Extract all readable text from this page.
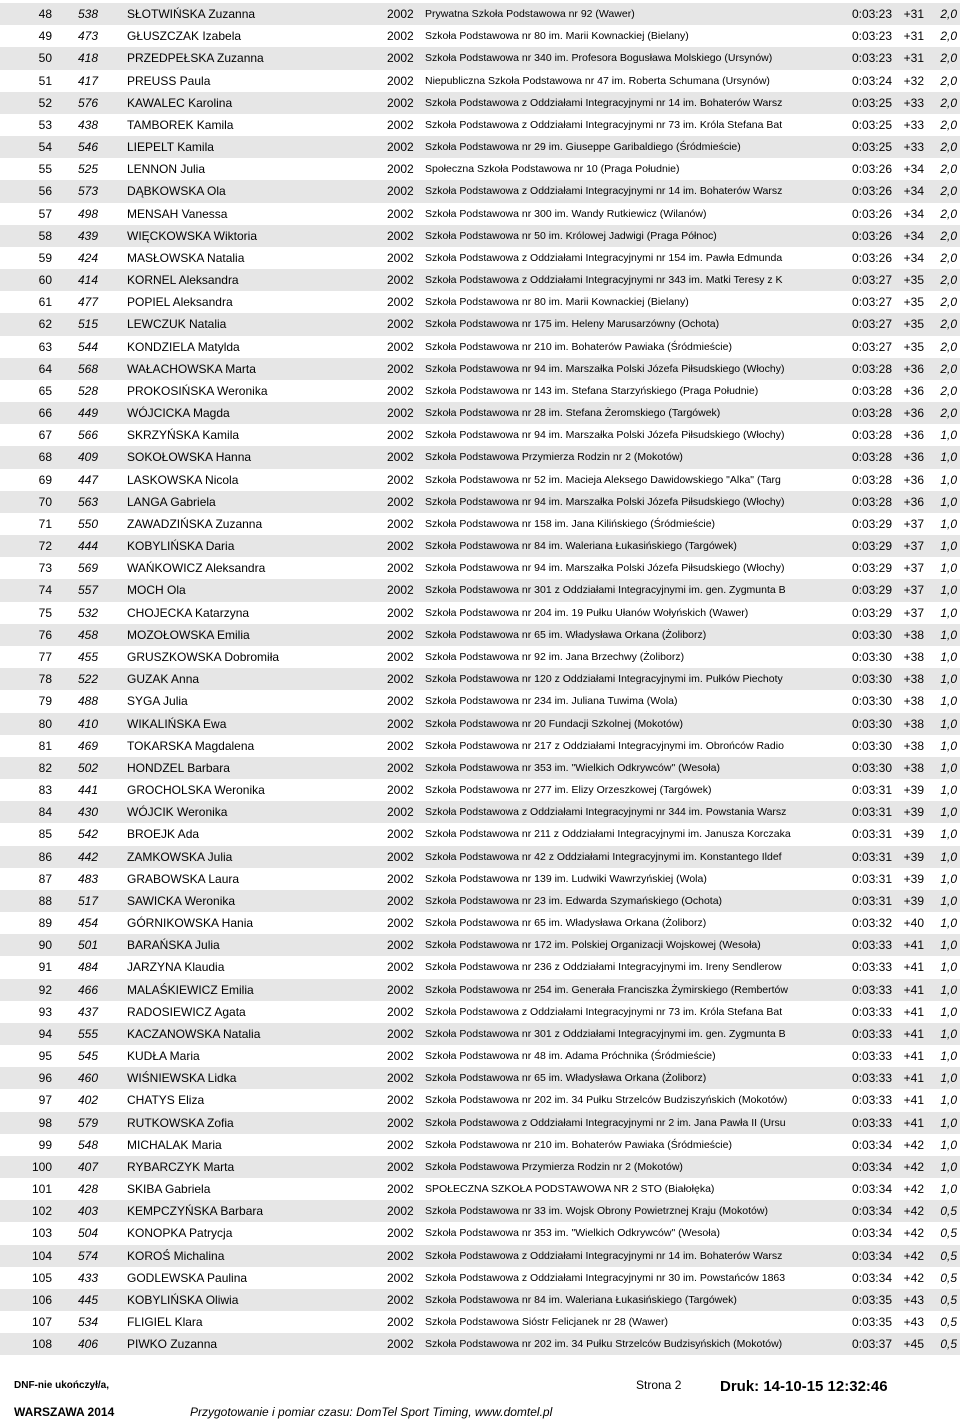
48 538	SŁOTWIŃSKA Zuzanna	2002	Prywatna Szkoła Podstawowa nr 92 (Wawer)	0:03:23 +31	2,0
49 473	GŁUSZCZAK Izabela	2002	Szkoła Podstawowa nr 80 im. Marii Kownackiej (Bielany)	0:03:23 +31	2,0
50 418	PRZEDPEŁSKA Zuzanna	2002	Szkoła Podstawowa nr 340 im. Profesora Bogusława Molskiego (Ursynów)	0:03:23 +31	2,0
51 417	PREUSS Paula	2002	Niepubliczna Szkoła Podstawowa nr 47 im. Roberta Schumana (Ursynów)	0:03:24 +32	2,0
52 576	KAWALEC Karolina	2002	Szkoła Podstawowa z Oddziałami Integracyjnymi nr 14 im. Bohaterów Warsz	0:03:25 +33	2,0
53 438	TAMBOREK Kamila	2002	Szkoła Podstawowa z Oddziałami Integracyjnymi nr 73 im. Króla Stefana Bat	0:03:25 +33	2,0
54 546	LIEPELT Kamila	2002	Szkoła Podstawowa nr 29 im. Giuseppe Garibaldiego (Śródmieście)	0:03:25 +33	2,0
55 525	LENNON Julia	2002	Społeczna Szkoła Podstawowa nr 10 (Praga Południe)	0:03:26 +34	2,0
56 573	DĄBKOWSKA Ola	2002	Szkoła Podstawowa z Oddziałami Integracyjnymi nr 14 im. Bohaterów Warsz	0:03:26 +34	2,0
57 498	MENSAH Vanessa	2002	Szkoła Podstawowa nr 300 im. Wandy Rutkiewicz (Wilanów)	0:03:26 +34	2,0
58 439	WIĘCKOWSKA Wiktoria	2002	Szkoła Podstawowa nr 50 im. Królowej Jadwigi (Praga Północ)	0:03:26 +34	2,0
59 424	MASŁOWSKA Natalia	2002	Szkoła Podstawowa z Oddziałami Integracyjnymi nr 154 im. Pawła Edmunda	0:03:26 +34	2,0
60 414	KORNEL Aleksandra	2002	Szkoła Podstawowa z Oddziałami Integracyjnymi nr 343 im. Matki Teresy z K	0:03:27 +35	2,0
61 477	POPIEL Aleksandra	2002	Szkoła Podstawowa nr 80 im. Marii Kownackiej (Bielany)	0:03:27 +35	2,0
62 515	LEWCZUK Natalia	2002	Szkoła Podstawowa nr 175 im. Heleny Marusarzówny (Ochota)	0:03:27 +35	2,0
63 544	KONDZIELA Matylda	2002	Szkoła Podstawowa nr 210 im. Bohaterów Pawiaka (Śródmieście)	0:03:27 +35	2,0
64 568	WAŁACHOWSKA Marta	2002	Szkoła Podstawowa nr 94 im. Marszałka Polski Józefa Piłsudskiego (Włochy)	0:03:28 +36	2,0
65 528	PROKOSIŃSKA Weronika	2002	Szkoła Podstawowa nr 143 im. Stefana Starzyńskiego (Praga Południe)	0:03:28 +36	2,0
66 449	WÓJCICKA Magda	2002	Szkoła Podstawowa nr 28 im. Stefana Żeromskiego (Targówek)	0:03:28 +36	2,0
67 566	SKRZYŃSKA Kamila	2002	Szkoła Podstawowa nr 94 im. Marszałka Polski Józefa Piłsudskiego (Włochy)	0:03:28 +36	1,0
68 409	SOKOŁOWSKA Hanna	2002	Szkoła Podstawowa Przymierza Rodzin nr 2 (Mokotów)	0:03:28 +36	1,0
69 447	LASKOWSKA Nicola	2002	Szkoła Podstawowa nr 52 im. Macieja Aleksego Dawidowskiego "Alka" (Targ	0:03:28 +36	1,0
70 563	LANGA Gabriela	2002	Szkoła Podstawowa nr 94 im. Marszałka Polski Józefa Piłsudskiego (Włochy)	0:03:28 +36	1,0
71 550	ZAWADZIŃSKA Zuzanna	2002	Szkoła Podstawowa nr 158 im. Jana Kilińskiego (Śródmieście)	0:03:29 +37	1,0
72 444	KOBYLIŃSKA Daria	2002	Szkoła Podstawowa nr 84 im. Waleriana Łukasińskiego (Targówek)	0:03:29 +37	1,0
73 569	WAŃKOWICZ Aleksandra	2002	Szkoła Podstawowa nr 94 im. Marszałka Polski Józefa Piłsudskiego (Włochy)	0:03:29 +37	1,0
74 557	MOCH Ola	2002	Szkoła Podstawowa nr 301 z Oddziałami Integracyjnymi im. gen. Zygmunta B	0:03:29 +37	1,0
75 532	CHOJECKA Katarzyna	2002	Szkoła Podstawowa nr 204 im. 19 Pułku Ułanów Wołyńskich (Wawer)	0:03:29 +37	1,0
76 458	MOZOŁOWSKA Emilia	2002	Szkoła Podstawowa nr 65 im. Władysława Orkana (Żoliborz)	0:03:30 +38	1,0
77 455	GRUSZKOWSKA Dobromiła	2002	Szkoła Podstawowa nr 92 im. Jana Brzechwy (Żoliborz)	0:03:30 +38	1,0
78 522	GUZAK Anna	2002	Szkoła Podstawowa nr 120 z Oddziałami Integracyjnymi im. Pułków Piechoty	0:03:30 +38	1,0
79 488	SYGA Julia	2002	Szkoła Podstawowa nr 234 im. Juliana Tuwima (Wola)	0:03:30 +38	1,0
80 410	WIKALIŃSKA Ewa	2002	Szkoła Podstawowa nr 20 Fundacji Szkolnej (Mokotów)	0:03:30 +38	1,0
81 469	TOKARSKA Magdalena	2002	Szkoła Podstawowa nr 217 z Oddziałami Integracyjnymi im. Obrońców Radio	0:03:30 +38	1,0
82 502	HONDZEL Barbara	2002	Szkoła Podstawowa nr 353 im. "Wielkich Odkrywców" (Wesoła)	0:03:30 +38	1,0
83 441	GROCHOLSKA Weronika	2002	Szkoła Podstawowa nr 277 im. Elizy Orzeszkowej (Targówek)	0:03:31 +39	1,0
84 430	WÓJCIK Weronika	2002	Szkoła Podstawowa z Oddziałami Integracyjnymi nr 344 im. Powstania Warsz	0:03:31 +39	1,0
85 542	BROEJK Ada	2002	Szkoła Podstawowa nr 211 z Oddziałami Integracyjnymi im. Janusza Korczaka	0:03:31 +39	1,0
86 442	ZAMKOWSKA Julia	2002	Szkoła Podstawowa nr 42 z Oddziałami Integracyjnymi im. Konstantego Ildef	0:03:31 +39	1,0
87 483	GRABOWSKA Laura	2002	Szkoła Podstawowa nr 139 im. Ludwiki Wawrzyńskiej (Wola)	0:03:31 +39	1,0
88 517	SAWICKA Weronika	2002	Szkoła Podstawowa nr 23 im. Edwarda Szymańskiego (Ochota)	0:03:31 +39	1,0
89 454	GÓRNIKOWSKA Hania	2002	Szkoła Podstawowa nr 65 im. Władysława Orkana (Żoliborz)	0:03:32 +40	1,0
90 501	BARAŃSKA Julia	2002	Szkoła Podstawowa nr 172 im. Polskiej Organizacji Wojskowej (Wesoła)	0:03:33 +41	1,0
91 484	JARZYNA Klaudia	2002	Szkoła Podstawowa nr 236 z Oddziałami Integracyjnymi im. Ireny Sendlerow	0:03:33 +41	1,0
92 466	MALAŚKIEWICZ Emilia	2002	Szkoła Podstawowa nr 254 im. Generała Franciszka Żymirskiego (Rembertów	0:03:33 +41	1,0
93 437	RADOSIEWICZ Agata	2002	Szkoła Podstawowa z Oddziałami Integracyjnymi nr 73 im. Króla Stefana Bat	0:03:33 +41	1,0
94 555	KACZANOWSKA Natalia	2002	Szkoła Podstawowa nr 301 z Oddziałami Integracyjnymi im. gen. Zygmunta B	0:03:33 +41	1,0
95 545	KUDŁA Maria	2002	Szkoła Podstawowa nr 48 im. Adama Próchnika (Śródmieście)	0:03:33 +41	1,0
96 460	WIŚNIEWSKA Lidka	2002	Szkoła Podstawowa nr 65 im. Władysława Orkana (Żoliborz)	0:03:33 +41	1,0
97 402	CHATYS Eliza	2002	Szkoła Podstawowa nr 202 im. 34 Pułku Strzelców Budziszyńskich (Mokotów)	0:03:33 +41	1,0
98 579	RUTKOWSKA Zofia	2002	Szkoła Podstawowa z Oddziałami Integracyjnymi nr 2 im. Jana Pawła II (Ursu	0:03:33 +41	1,0
99 548	MICHALAK Maria	2002	Szkoła Podstawowa nr 210 im. Bohaterów Pawiaka (Śródmieście)	0:03:34 +42	1,0
100 407	RYBARCZYK Marta	2002	Szkoła Podstawowa Przymierza Rodzin nr 2 (Mokotów)	0:03:34 +42	1,0
101 428	SKIBA Gabriela	2002	SPOŁECZNA SZKOŁA PODSTAWOWA NR 2 STO (Białołęka)	0:03:34 +42	1,0
102 403	KEMPCZYŃSKA Barbara	2002	Szkoła Podstawowa nr 33 im. Wojsk Obrony Powietrznej Kraju (Mokotów)	0:03:34 +42	0,5
103 504	KONOPKA Patrycja	2002	Szkoła Podstawowa nr 353 im. "Wielkich Odkrywców" (Wesoła)	0:03:34 +42	0,5
104 574	KOROŚ Michalina	2002	Szkoła Podstawowa z Oddziałami Integracyjnymi nr 14 im. Bohaterów Warsz	0:03:34 +42	0,5
105 433	GODLEWSKA Paulina	2002	Szkoła Podstawowa z Oddziałami Integracyjnymi nr 30 im. Powstańców 1863	0:03:34 +42	0,5
106 445	KOBYLIŃSKA Oliwia	2002	Szkoła Podstawowa nr 84 im. Waleriana Łukasińskiego (Targówek)	0:03:35 +43	0,5
107 534	FLIGIEL Klara	2002	Szkoła Podstawowa Sióstr Felicjanek nr 28 (Wawer)	0:03:35 +43	0,5
108 406	PIWKO Zuzanna	2002	Szkoła Podstawowa nr 202 im. 34 Pułku Strzelców Budzisyńskich (Mokotów)	0:03:37 +45	0,5
DNF-nie ukończył/a,	Strona 2	Druk: 14-10-15 12:32:46
WARSZAWA 2014	Przygotowanie i pomiar czasu: DomTel Sport Timing, www.domtel.pl
